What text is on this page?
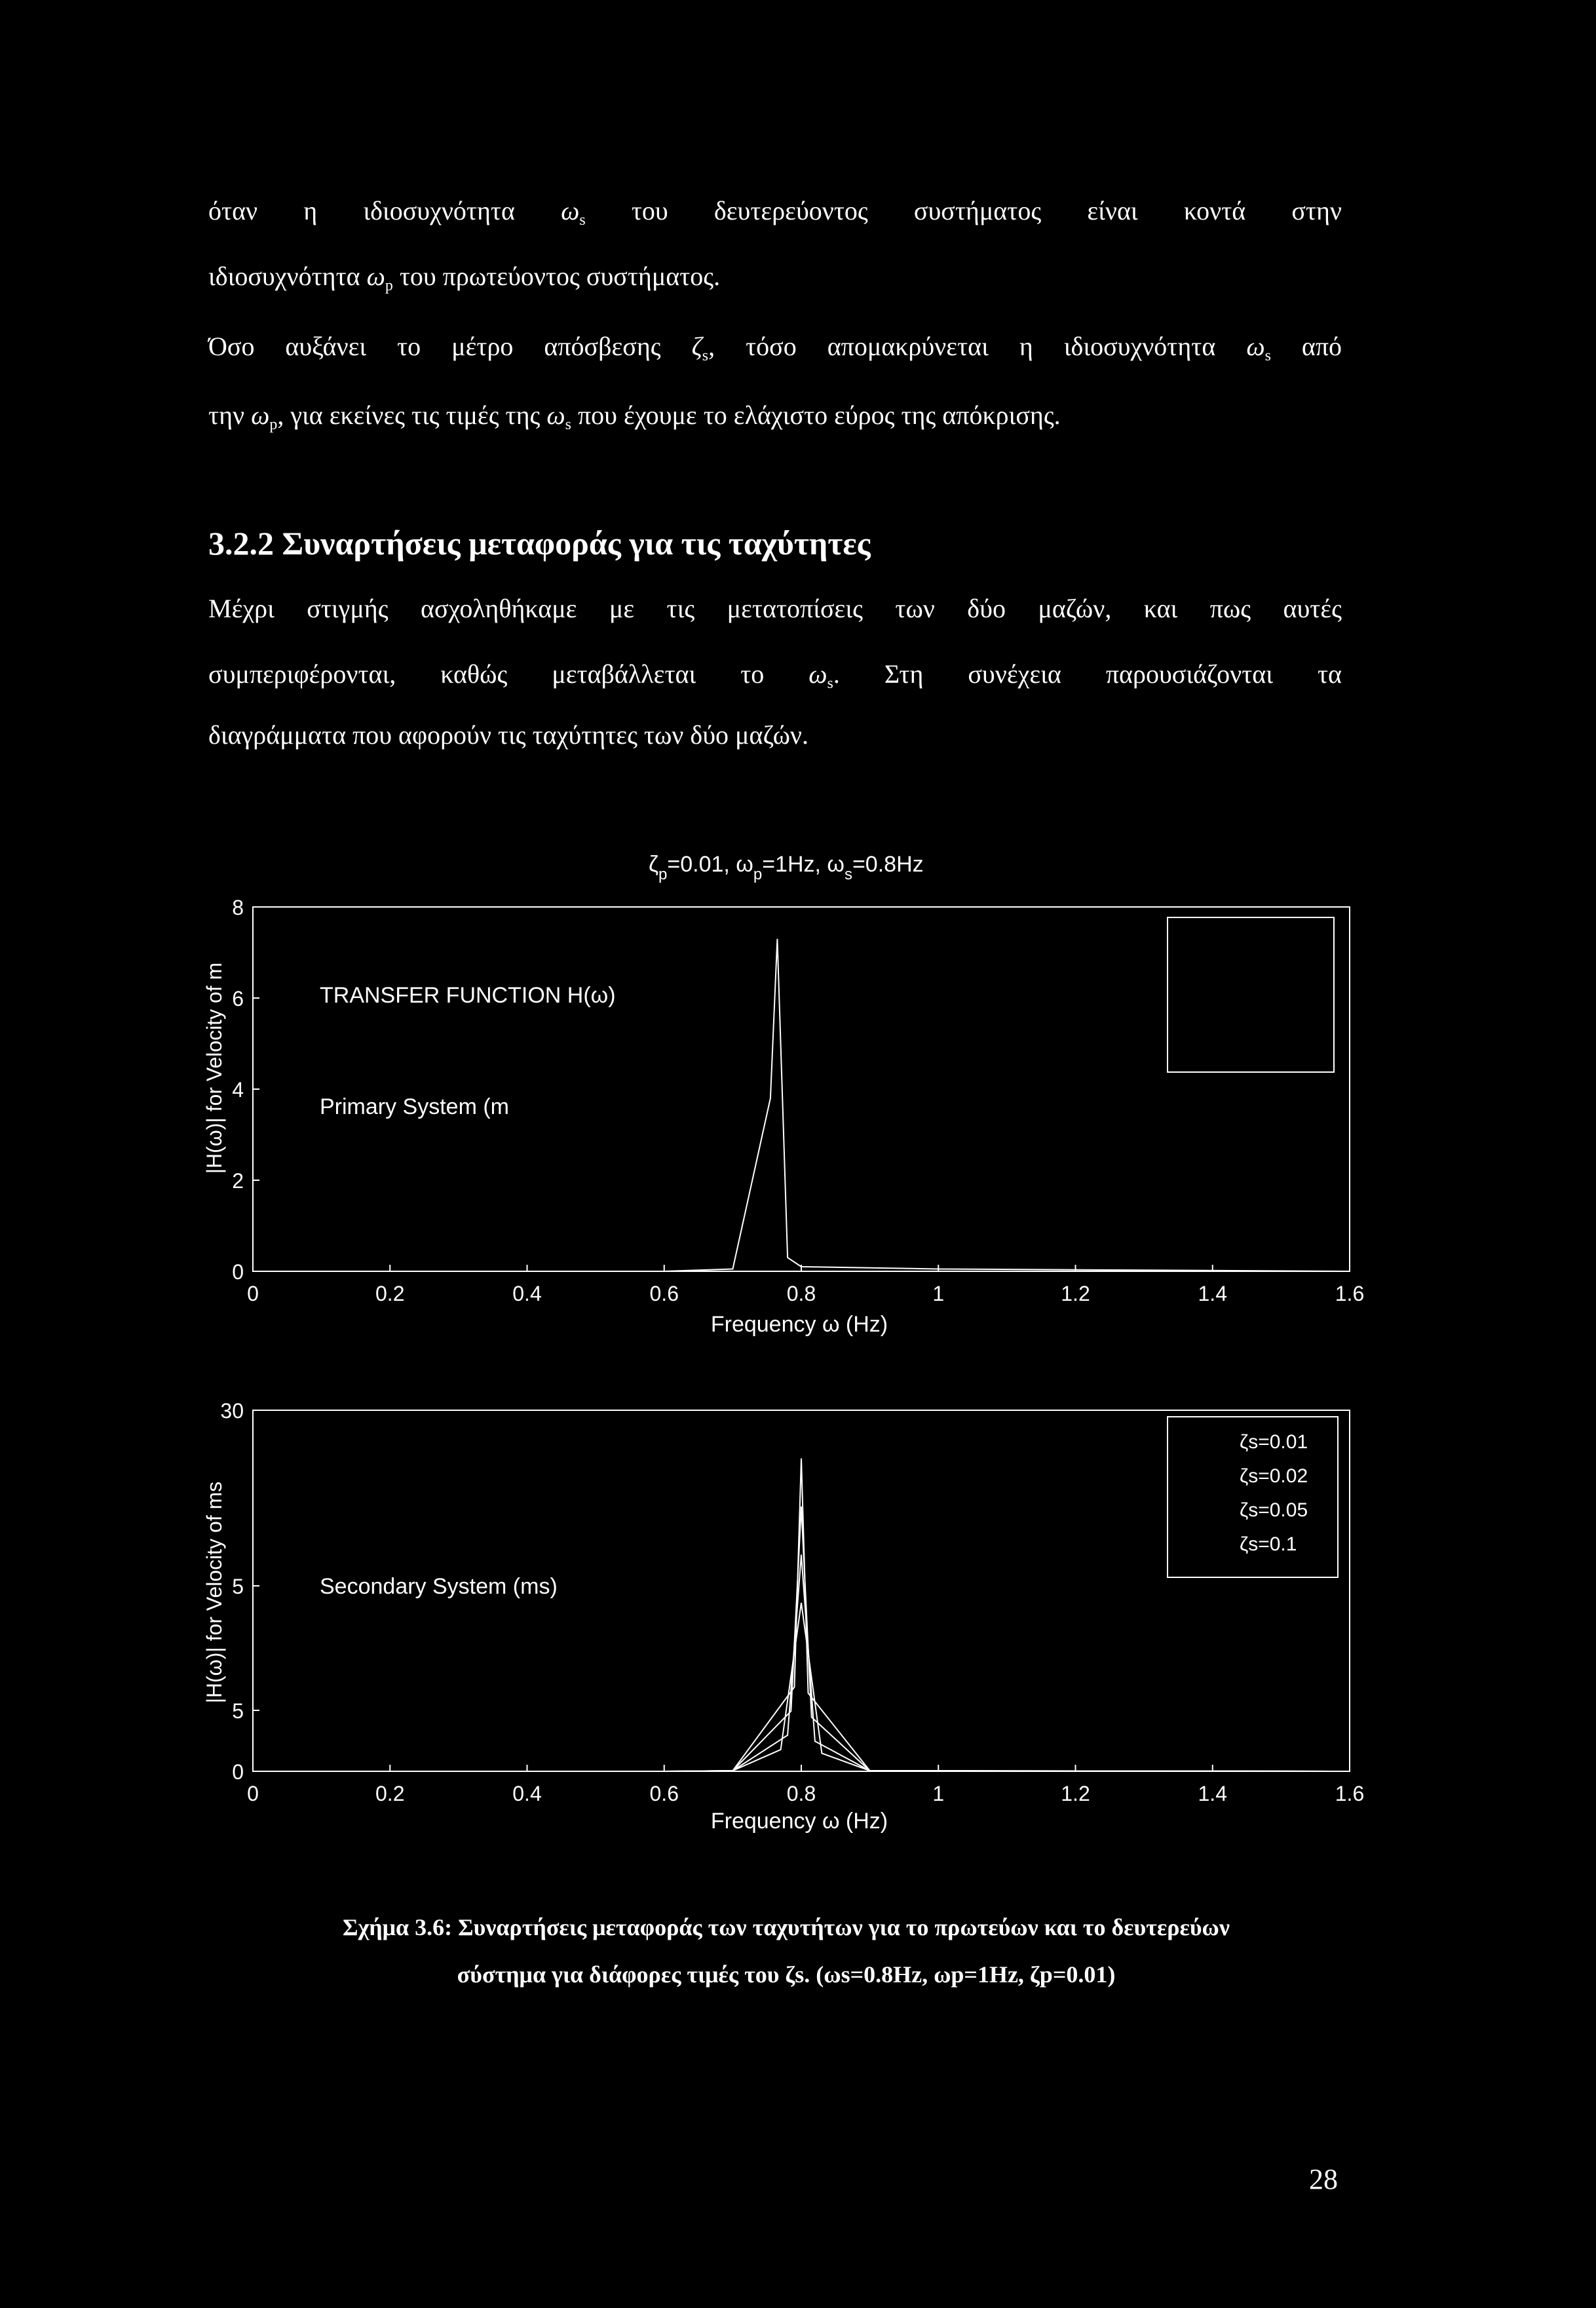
όταν η ιδιοσυχνότητα $\omega_s$ του δευτερεύοντος συστήματος είναι κοντά στην
ιδιοσυχνότητα $\omega_p$ του πρωτεύοντος συστήματος.
Όσο αυξάνει το μέτρο απόσβεσης $\zeta_s$, τόσο απομακρύνεται η ιδιοσυχνότητα $\omega_s$ από
την $\omega_p$, για εκείνες τις τιμές της $\omega_s$ που έχουμε το ελάχιστο εύρος της απόκρισης.
3.2.2 Συναρτήσεις μεταφοράς για τις ταχύτητες
Μέχρι στιγμής ασχοληθήκαμε με τις μετατοπίσεις των δύο μαζών, και πως αυτές
συμπεριφέρονται, καθώς μεταβάλλεται το $\omega_s$. Στη συνέχεια παρουσιάζονται τα
διαγράμματα που αφορούν τις ταχύτητες των δύο μαζών.
$\zeta_p=0.01$, $\omega_p=1Hz$, $\omega_s=0.8Hz$
0	0.2	0.4	0.6	0.8	1	1.2	1.4	1.6
0
2
4
6
8
TRANSFER FUNCTION H(ω)
Primary System (m
|H(ω)| for Velocity of m
Frequency ω (Hz)
0	0.2	0.4	0.6	0.8	1	1.2	1.4	1.6
0
5
5
30
ζs=0.01
ζs=0.02
ζs=0.05
ζs=0.1
Secondary System (ms)
|H(ω)| for Velocity of ms
Frequency ω (Hz)
Σχήμα 3.6: Συναρτήσεις μεταφοράς των ταχυτήτων για το πρωτεύων και το δευτερεύων
σύστημα για διάφορες τιμές του ζs. (ωs=0.8Hz, ωp=1Hz, ζp=0.01)
28
